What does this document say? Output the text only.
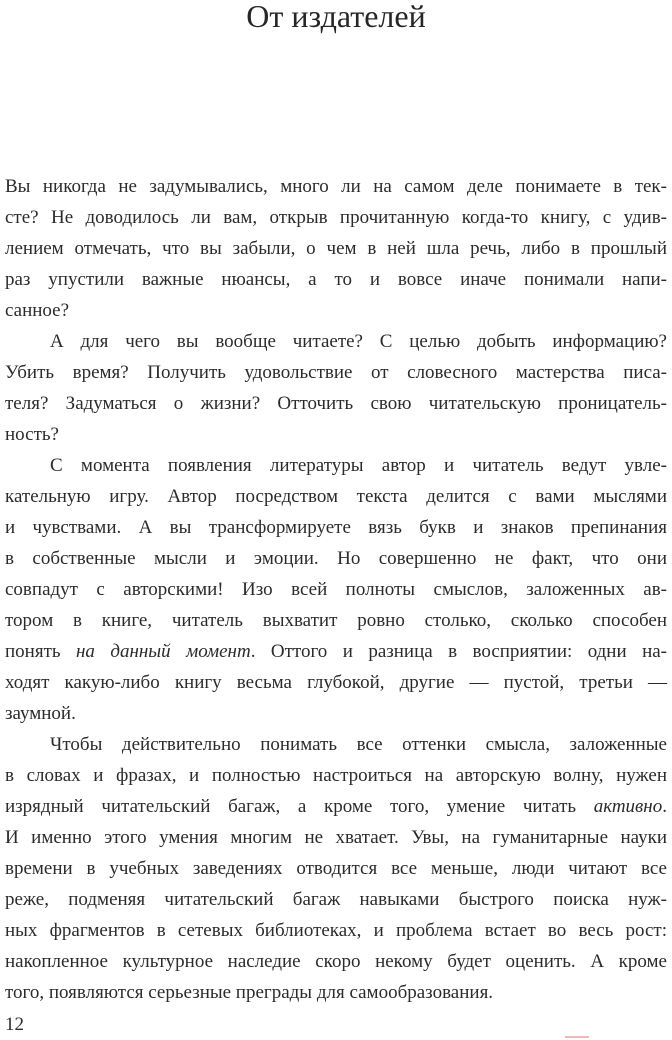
От издателей
Вы никогда не задумывались, много ли на самом деле понимаете в тек-
сте? Не доводилось ли вам, открыв прочитанную когда-то книгу, с удив-
лением отмечать, что вы забыли, о чем в ней шла речь, либо в прошлый
раз упустили важные нюансы, а то и вовсе иначе понимали напи-
санное?
А для чего вы вообще читаете? С целью добыть информацию?
Убить время? Получить удовольствие от словесного мастерства писа-
теля? Задуматься о жизни? Отточить свою читательскую проницатель-
ность?
С момента появления литературы автор и читатель ведут увле-
кательную игру. Автор посредством текста делится с вами мыслями
и чувствами. А вы трансформируете вязь букв и знаков препинания
в собственные мысли и эмоции. Но совершенно не факт, что они
совпадут с авторскими! Изо всей полноты смыслов, заложенных ав-
тором в книге, читатель выхватит ровно столько, сколько способен
понять на данный момент. Оттого и разница в восприятии: одни на-
ходят какую-либо книгу весьма глубокой, другие — пустой, третьи —
заумной.
Чтобы действительно понимать все оттенки смысла, заложенные
в словах и фразах, и полностью настроиться на авторскую волну, нужен
изрядный читательский багаж, а кроме того, умение читать активно.
И именно этого умения многим не хватает. Увы, на гуманитарные науки
времени в учебных заведениях отводится все меньше, люди читают все
реже, подменяя читательский багаж навыками быстрого поиска нуж-
ных фрагментов в сетевых библиотеках, и проблема встает во весь рост:
накопленное культурное наследие скоро некому будет оценить. А кроме
того, появляются серьезные преграды для самообразования.
12
